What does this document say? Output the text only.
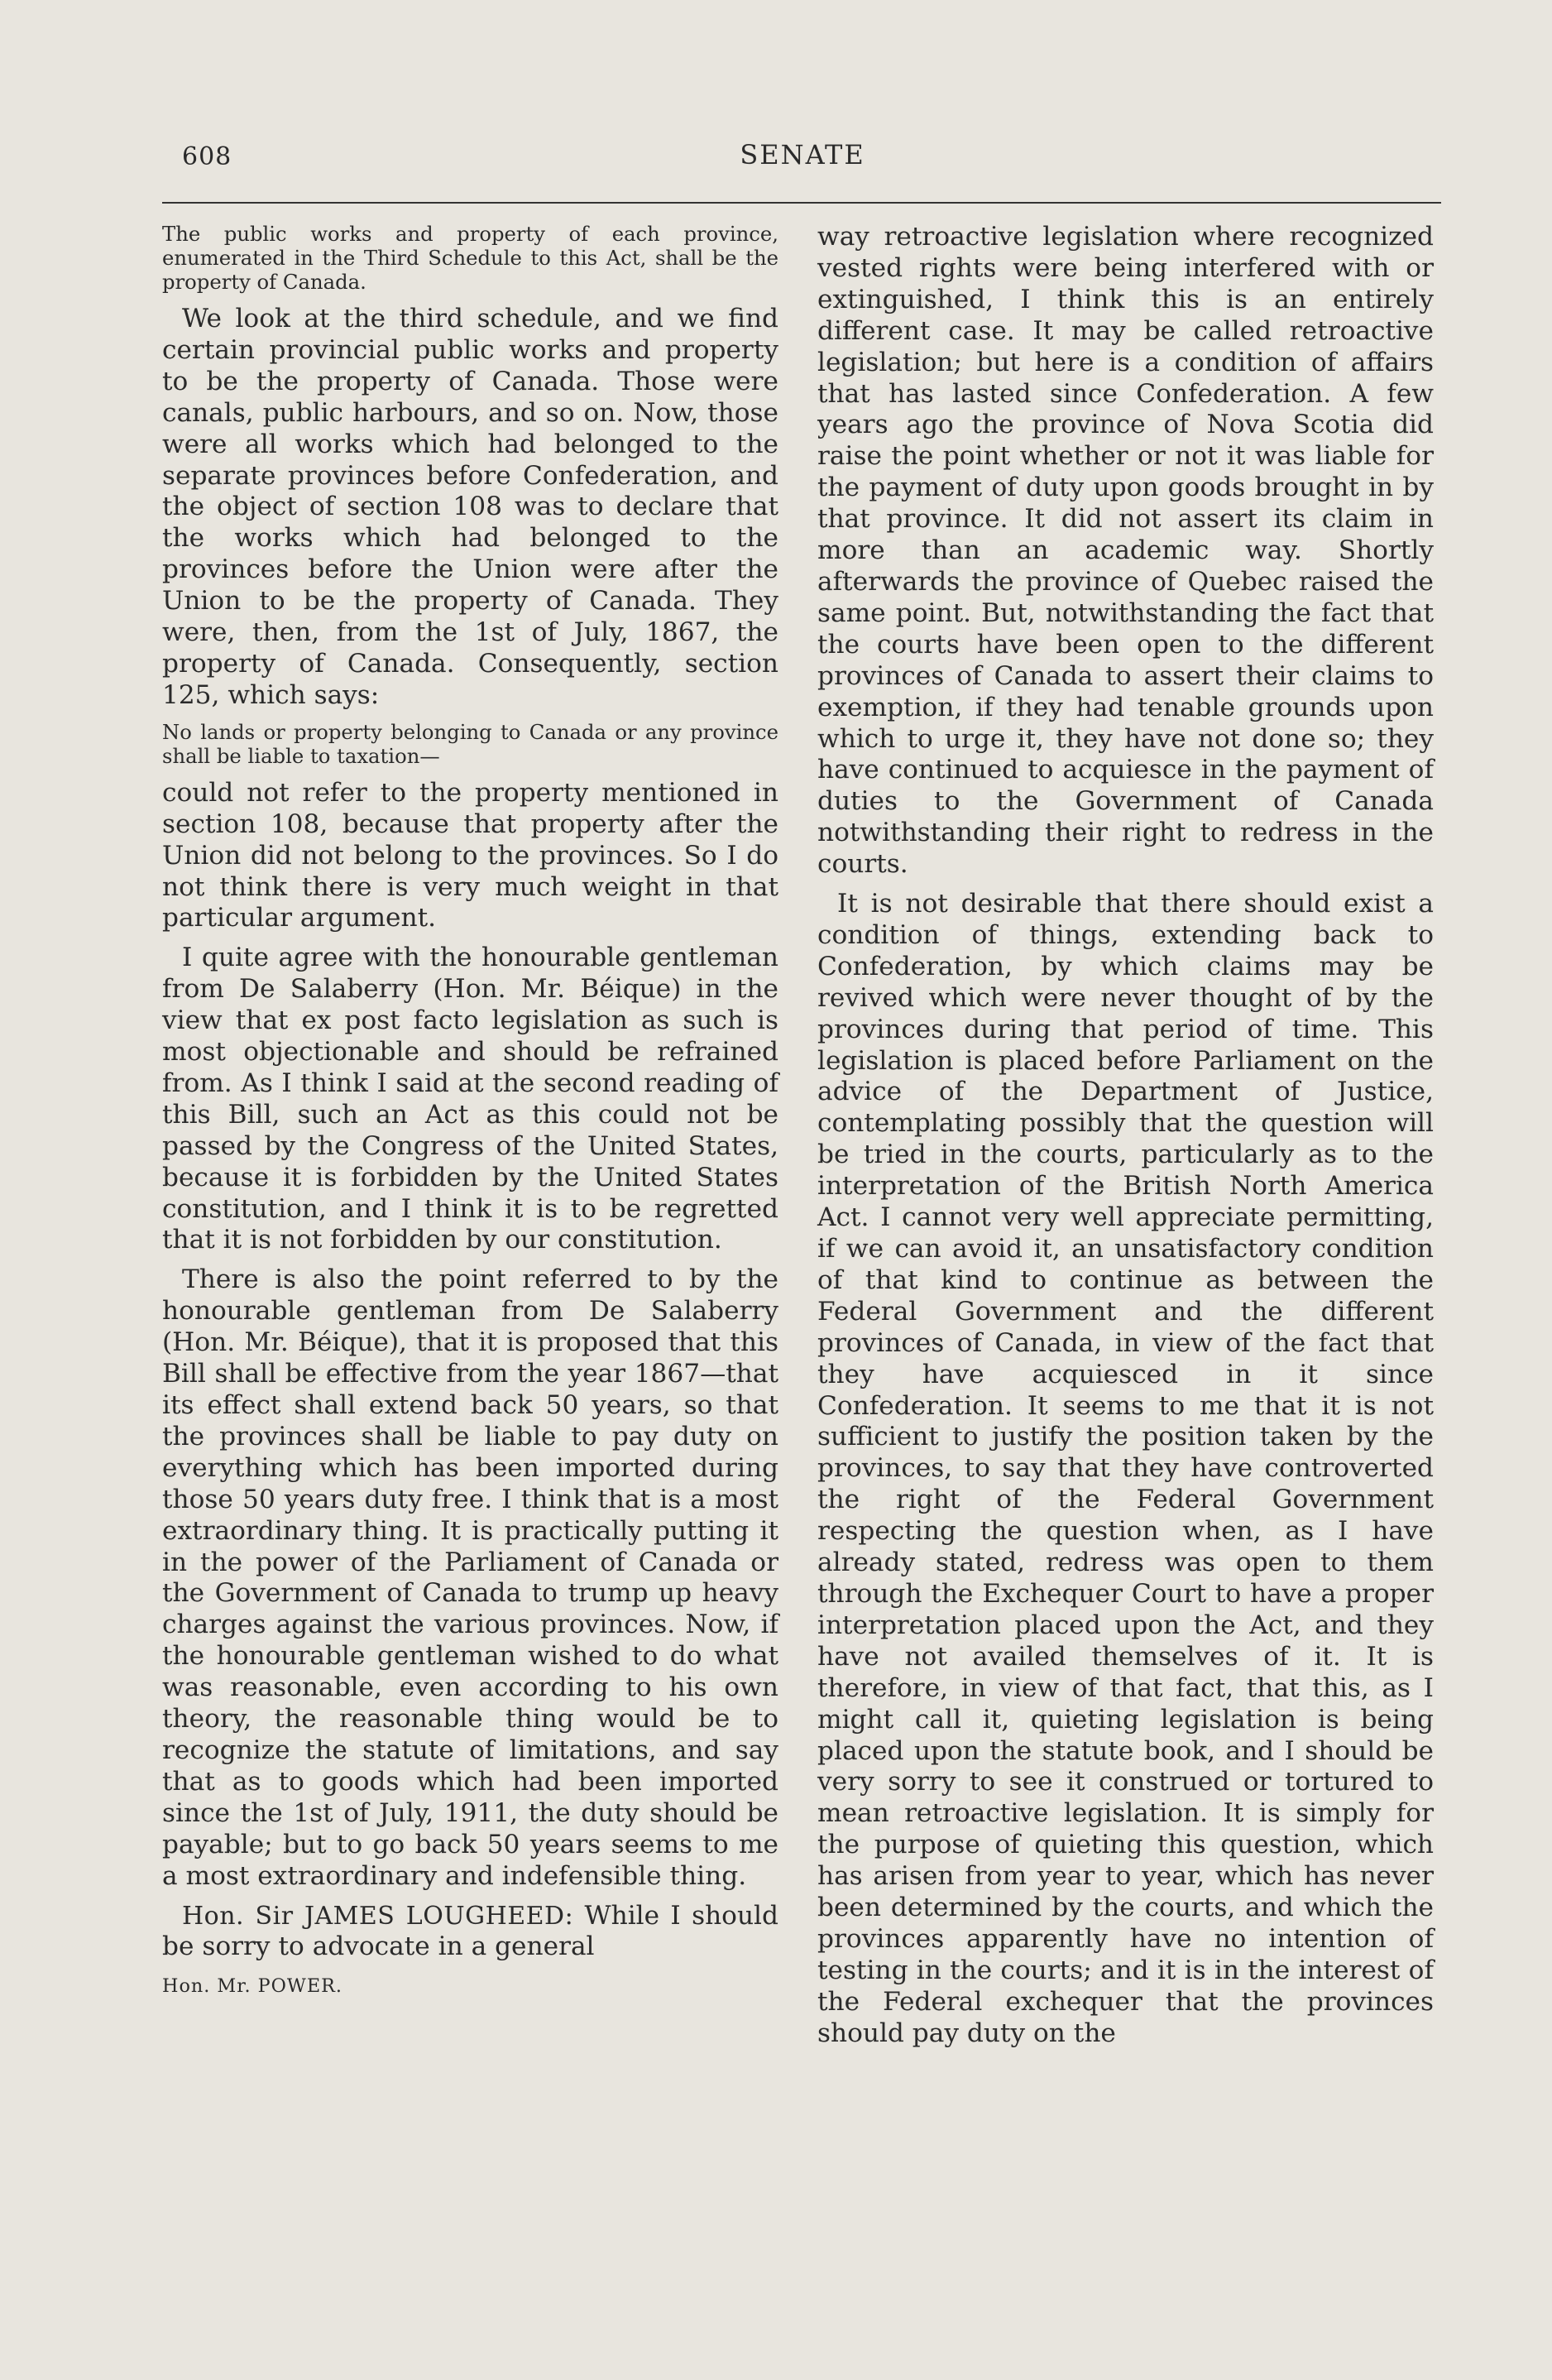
608	SENATE

The public works and property of each province, enumerated in the Third Schedule to this Act, shall be the property of Canada.

We look at the third schedule, and we find certain provincial public works and property to be the property of Canada. Those were canals, public harbours, and so on. Now, those were all works which had belonged to the separate provinces before Confederation, and the object of section 108 was to declare that the works which had belonged to the provinces before the Union were after the Union to be the property of Canada. They were, then, from the 1st of July, 1867, the property of Canada. Consequently, section 125, which says:

No lands or property belonging to Canada or any province shall be liable to taxation—

could not refer to the property mentioned in section 108, because that property after the Union did not belong to the provinces. So I do not think there is very much weight in that particular argument.

I quite agree with the honourable gentleman from De Salaberry (Hon. Mr. Béique) in the view that ex post facto legislation as such is most objectionable and should be refrained from. As I think I said at the second reading of this Bill, such an Act as this could not be passed by the Congress of the United States, because it is forbidden by the United States constitution, and I think it is to be regretted that it is not forbidden by our constitution.

There is also the point referred to by the honourable gentleman from De Salaberry (Hon. Mr. Béique), that it is proposed that this Bill shall be effective from the year 1867—that its effect shall extend back 50 years, so that the provinces shall be liable to pay duty on everything which has been imported during those 50 years duty free. I think that is a most extraordinary thing. It is practically putting it in the power of the Parliament of Canada or the Government of Canada to trump up heavy charges against the various provinces. Now, if the honourable gentleman wished to do what was reasonable, even according to his own theory, the reasonable thing would be to recognize the statute of limitations, and say that as to goods which had been imported since the 1st of July, 1911, the duty should be payable; but to go back 50 years seems to me a most extraordinary and indefensible thing.

Hon. Sir JAMES LOUGHEED: While I should be sorry to advocate in a general

Hon. Mr. POWER.

way retroactive legislation where recognized vested rights were being interfered with or extinguished, I think this is an entirely different case. It may be called retroactive legislation; but here is a condition of affairs that has lasted since Confederation. A few years ago the province of Nova Scotia did raise the point whether or not it was liable for the payment of duty upon goods brought in by that province. It did not assert its claim in more than an academic way. Shortly afterwards the province of Quebec raised the same point. But, notwithstanding the fact that the courts have been open to the different provinces of Canada to assert their claims to exemption, if they had tenable grounds upon which to urge it, they have not done so; they have continued to acquiesce in the payment of duties to the Government of Canada notwithstanding their right to redress in the courts.

It is not desirable that there should exist a condition of things, extending back to Confederation, by which claims may be revived which were never thought of by the provinces during that period of time. This legislation is placed before Parliament on the advice of the Department of Justice, contemplating possibly that the question will be tried in the courts, particularly as to the interpretation of the British North America Act. I cannot very well appreciate permitting, if we can avoid it, an unsatisfactory condition of that kind to continue as between the Federal Government and the different provinces of Canada, in view of the fact that they have acquiesced in it since Confederation. It seems to me that it is not sufficient to justify the position taken by the provinces, to say that they have controverted the right of the Federal Government respecting the question when, as I have already stated, redress was open to them through the Exchequer Court to have a proper interpretation placed upon the Act, and they have not availed themselves of it. It is therefore, in view of that fact, that this, as I might call it, quieting legislation is being placed upon the statute book, and I should be very sorry to see it construed or tortured to mean retroactive legislation. It is simply for the purpose of quieting this question, which has arisen from year to year, which has never been determined by the courts, and which the provinces apparently have no intention of testing in the courts; and it is in the interest of the Federal exchequer that the provinces should pay duty on the
